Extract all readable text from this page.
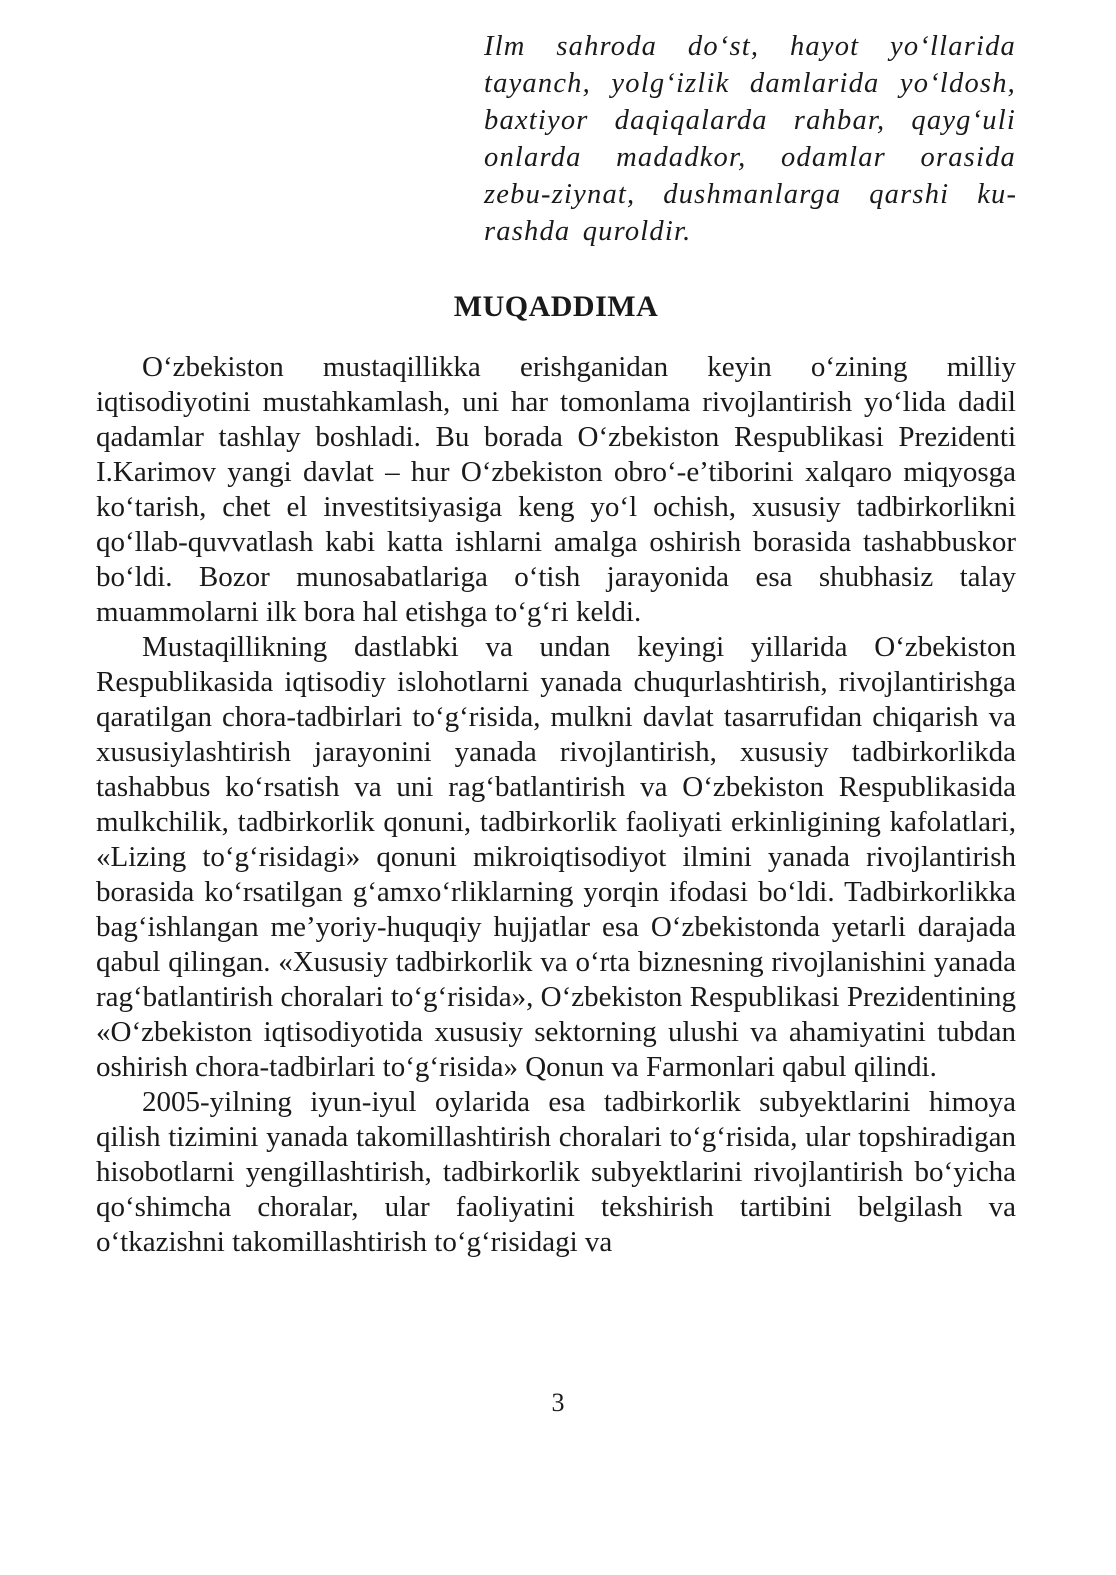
Ilm sahroda do‘st, hayot yo‘llarida tayanch, yolg‘izlik damlarida yo‘ldosh, baxtiyor daqiqalarda rahbar, qayg‘uli onlarda madadkor, odamlar orasida zebu-ziynat, dushmanlarga qarshi kurashda quroldir.
MUQADDIMA

O‘zbekiston mustaqillikka erishganidan keyin o‘zining milliy iqtisodiyotini mustahkamlash, uni har tomonlama rivojlantirish yo‘lida dadil qadamlar tashlay boshladi. Bu borada O‘zbekiston Respublikasi Prezidenti I.Karimov yangi davlat – hur O‘zbekiston obro‘-e’tiborini xalqaro miqyosga ko‘tarish, chet el investitsiyasiga keng yo‘l ochish, xususiy tadbirkorlikni qo‘llab-quvvatlash kabi katta ishlarni amalga oshirish borasida tashabbuskor bo‘ldi. Bozor munosabatlariga o‘tish jarayonida esa shubhasiz talay muammolarni ilk bora hal etishga to‘g‘ri keldi.

Mustaqillikning dastlabki va undan keyingi yillarida O‘zbekiston Respublikasida iqtisodiy islohotlarni yanada chuqurlashtirish, rivojlantirishga qaratilgan chora-tadbirlari to‘g‘risida, mulkni davlat tasarrufidan chiqarish va xususiylashtirish jarayonini yanada rivojlantirish, xususiy tadbirkorlikda tashabbus ko‘rsatish va uni rag‘batlantirish va O‘zbekiston Respublikasida mulkchilik, tadbirkorlik qonuni, tadbirkorlik faoliyati erkinligining kafolatlari, «Lizing to‘g‘risidagi» qonuni mikroiqtisodiyot ilmini yanada rivojlantirish borasida ko‘rsatilgan g‘amxo‘rliklarning yorqin ifodasi bo‘ldi. Tadbirkorlikka bag‘ishlangan me’yoriy-huquqiy hujjatlar esa O‘zbekistonda yetarli darajada qabul qilingan. «Xususiy tadbirkorlik va o‘rta biznesning rivojlanishini yanada rag‘batlantirish choralari to‘g‘risida», O‘zbekiston Respublikasi Prezidentining «O‘zbekiston iqtisodiyotida xususiy sektorning ulushi va ahamiyatini tubdan oshirish chora-tadbirlari to‘g‘risida» Qonun va Farmonlari qabul qilindi.

2005-yilning iyun-iyul oylarida esa tadbirkorlik subyektlarini himoya qilish tizimini yanada takomillashtirish choralari to‘g‘risida, ular topshiradigan hisobotlarni yengillashtirish, tadbirkorlik subyektlarini rivojlantirish bo‘yicha qo‘shimcha choralar, ular faoliyatini tekshirish tartibini belgilash va o‘tkazishni takomillashtirish to‘g‘risidagi va

3
